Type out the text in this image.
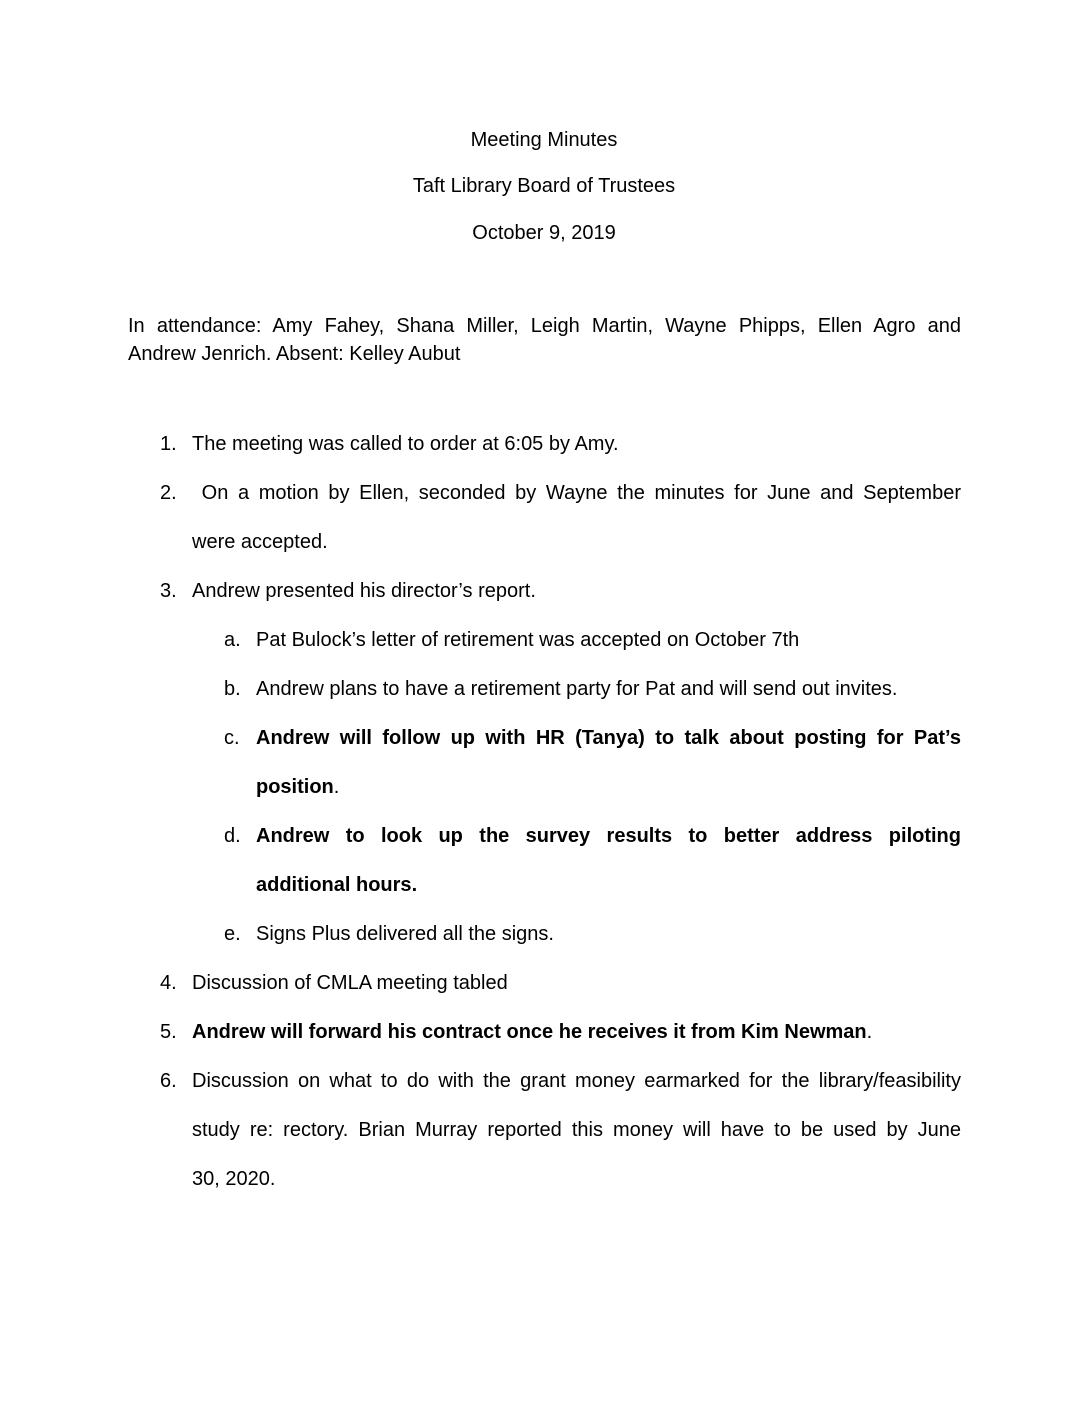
Meeting Minutes
Taft Library Board of Trustees
October 9, 2019
In attendance: Amy Fahey, Shana Miller, Leigh Martin, Wayne Phipps, Ellen Agro and
Andrew Jenrich. Absent: Kelley Aubut
1. The meeting was called to order at 6:05 by Amy.
2. On a motion by Ellen, seconded by Wayne the minutes for June and September
were accepted.
3. Andrew presented his director’s report.
a. Pat Bulock’s letter of retirement was accepted on October 7th
b. Andrew plans to have a retirement party for Pat and will send out invites.
c. Andrew will follow up with HR (Tanya) to talk about posting for Pat’s
position.
d. Andrew to look up the survey results to better address piloting
additional hours.
e. Signs Plus delivered all the signs.
4. Discussion of CMLA meeting tabled
5. Andrew will forward his contract once he receives it from Kim Newman.
6. Discussion on what to do with the grant money earmarked for the library/feasibility
study re: rectory. Brian Murray reported this money will have to be used by June
30, 2020.
